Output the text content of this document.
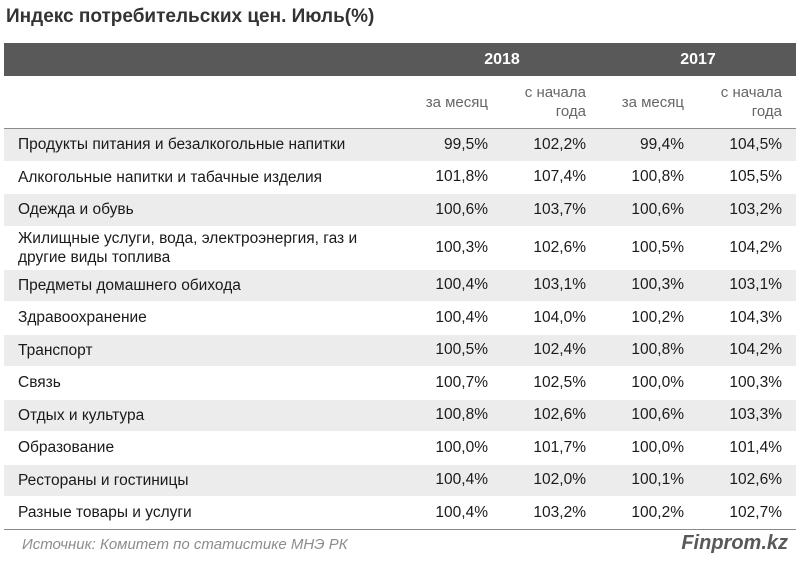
Индекс потребительских цен. Июль(%)
	2018		2017	
	за месяц	с начала года	за месяц	с начала года
Продукты питания и безалкогольные напитки	99,5%	102,2%	99,4%	104,5%
Алкогольные напитки и табачные изделия	101,8%	107,4%	100,8%	105,5%
Одежда и обувь	100,6%	103,7%	100,6%	103,2%
Жилищные услуги, вода, электроэнергия, газ и другие виды топлива	100,3%	102,6%	100,5%	104,2%
Предметы домашнего обихода	100,4%	103,1%	100,3%	103,1%
Здравоохранение	100,4%	104,0%	100,2%	104,3%
Транспорт	100,5%	102,4%	100,8%	104,2%
Связь	100,7%	102,5%	100,0%	100,3%
Отдых и культура	100,8%	102,6%	100,6%	103,3%
Образование	100,0%	101,7%	100,0%	101,4%
Рестораны и гостиницы	100,4%	102,0%	100,1%	102,6%
Разные товары и услуги	100,4%	103,2%	100,2%	102,7%
Источник: Комитет по статистике МНЭ РК	Finprom.kz
